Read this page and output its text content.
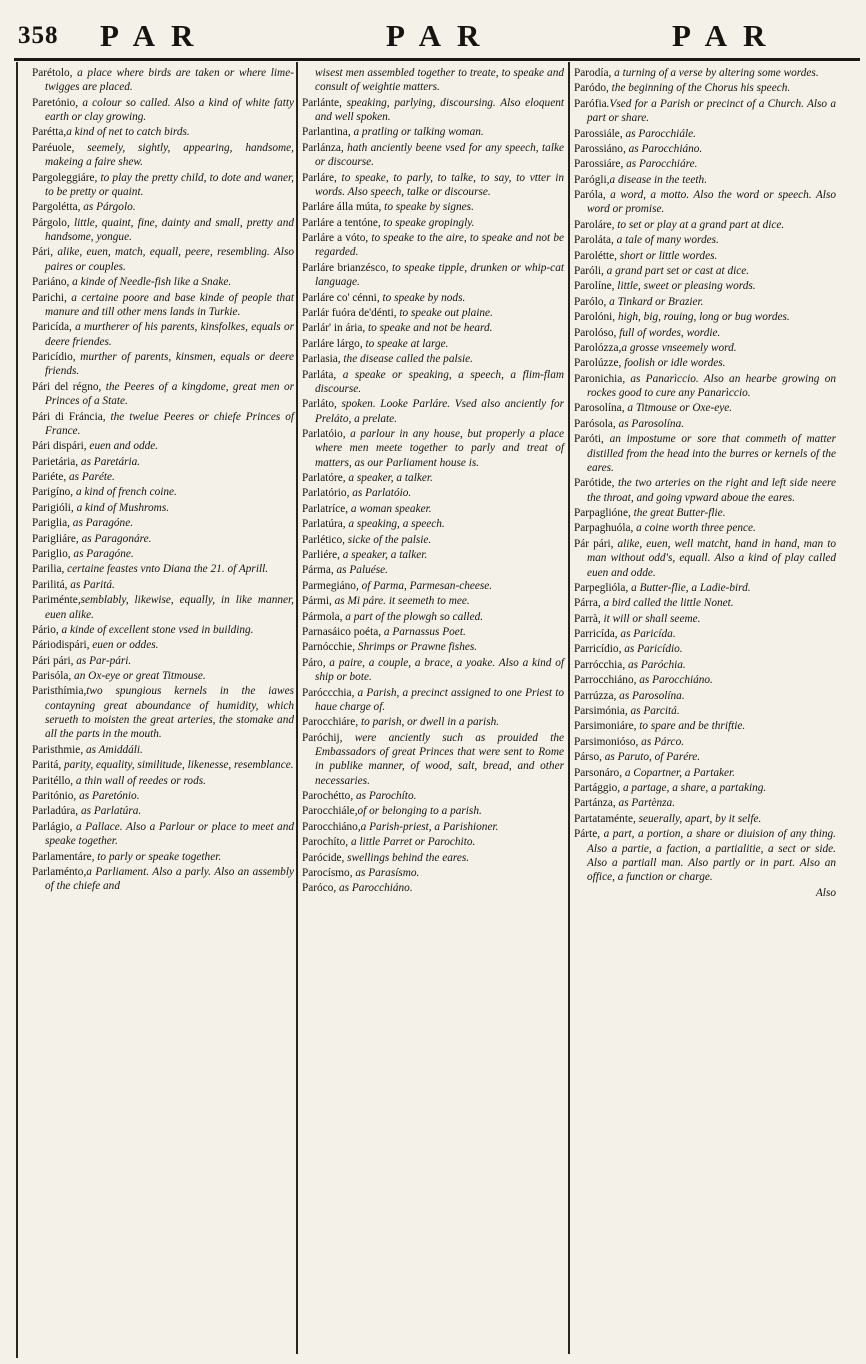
358 PAR	PAR	PAR
Parétolo, a place where birds are taken or where lime-twigges are placed.
Paretónio, a colour so called. Also a kind of white fatty earth or clay growing.
Parétta,a kind of net to catch birds.
Paréuole, seemely, sightly, appearing, handsome, makeing a faire shew.
Pargoleggiáre, to play the pretty child, to dote and waner, to be pretty or quaint.
Pargolétta, as Párgolo.
Párgolo, little, quaint, fine, dainty and small, pretty and handsome, yongue.
Pári, alike, euen, match, equall, peere, resembling. Also paires or couples.
Pariáno, a kinde of Needle-fish like a Snake.
Parichi, a certaine poore and base kinde of people that manure and till other mens lands in Turkie.
Paricída, a murtherer of his parents, kinsfolkes, equals or deere friendes.
Paricídio, murther of parents, kinsmen, equals or deere friends.
Pári del régno, the Peeres of a kingdome, great men or Princes of a State.
Pári di Fráncia, the twelue Peeres or chiefe Princes of France.
Pári dispári, euen and odde.
Parietária, as Paretária.
Pariéte, as Paréte.
Parigíno, a kind of french coine.
Parigióli, a kind of Mushroms.
Pariglia, as Paragóne.
Parigliáre, as Paragonáre.
Pariglio, as Paragóne.
Parilia, certaine feastes vnto Diana the 21. of Aprill.
Parilitá, as Paritá.
Pariménte,semblably, likewise, equally, in like manner, euen alike.
Pário, a kinde of excellent stone vsed in building.
Páriodispári, euen or oddes.
Pári pári, as Par-pári.
Parisóla, an Ox-eye or great Titmouse.
Paristhímia,two spungious kernels in the iawes contayning great aboundance of humidity, which serueth to moisten the great arteries, the stomake and all the parts in the mouth.
Paristhmie, as Amiddáli.
Paritá, parity, equality, similitude, likenesse, resemblance.
Paritéllo, a thin wall of reedes or rods.
Paritónio, as Paretónio.
Parladúra, as Parlatúra.
Parlágio, a Pallace. Also a Parlour or place to meet and speake together.
Parlamentáre, to parly or speake together.
Parlaménto,a Parliament. Also a parly. Also an assembly of the chiefe and
wisest men assembled together to treate, to speake and consult of weightie matters.
Parlánte, speaking, parlying, discoursing. Also eloquent and well spoken.
Parlantina, a pratling or talking woman.
Parlánza, hath anciently beene vsed for any speech, talke or discourse.
Parláre, to speake, to parly, to talke, to say, to vtter in words. Also speech, talke or discourse.
Parláre álla múta, to speake by signes.
Parláre a tentóne, to speake gropingly.
Parláre a vóto, to speake to the aire, to speake and not be regarded.
Parláre brianzésco, to speake tipple, drunken or whip-cat language.
Parláre co' cénni, to speake by nods.
Parlár fuóra de'dénti, to speake out plaine.
Parlár' in ária, to speake and not be heard.
Parláre lárgo, to speake at large.
Parlasia, the disease called the palsie.
Parláta, a speake or speaking, a speech, a flim-flam discourse.
Parláto, spoken. Looke Parláre. Vsed also anciently for Preláto, a prelate.
Parlatóio, a parlour in any house, but properly a place where men meete together to parly and treat of matters, as our Parliament house is.
Parlatóre, a speaker, a talker.
Parlatório, as Parlatóio.
Parlatríce, a woman speaker.
Parlatúra, a speaking, a speech.
Parlético, sicke of the palsie.
Parliére, a speaker, a talker.
Párma, as Paluése.
Parmegiáno, of Parma, Parmesan-cheese.
Pármi, as Mi páre. it seemeth to mee.
Pármola, a part of the plowgh so called.
Parnasáico poéta, a Parnassus Poet.
Parnócchie, Shrimps or Prawne fishes.
Páro, a paire, a couple, a brace, a yoake. Also a kind of ship or bote.
Paróccchia, a Parish, a precinct assigned to one Priest to haue charge of.
Parocchiáre, to parish, or dwell in a parish.
Paróchij, were anciently such as prouided the Embassadors of great Princes that were sent to Rome in publike manner, of wood, salt, bread, and other necessaries.
Parochétto, as Parochíto.
Parocchiále,of or belonging to a parish.
Parocchiáno,a Parish-priest, a Parishioner.
Parochíto, a little Parret or Parochito.
Parócide, swellings behind the eares.
Parocísmo, as Parasísmo.
Paróco, as Parocchiáno.
Parodía, a turning of a verse by altering some wordes.
Paródo, the beginning of the Chorus his speech.
Parófia.Vsed for a Parish or precinct of a Church. Also a part or share.
Parossiále, as Parocchiále.
Parossiáno, as Parocchiáno.
Parossiáre, as Parocchiáre.
Parógli,a disease in the teeth.
Paróla, a word, a motto. Also the word or speech. Also word or promise.
Paroláre, to set or play at a grand part at dice.
Paroláta, a tale of many wordes.
Parolétte, short or little wordes.
Paróli, a grand part set or cast at dice.
Parolíne, little, sweet or pleasing words.
Parólo, a Tinkard or Brazier.
Parolóni, high, big, rouing, long or bug wordes.
Parolóso, full of wordes, wordie.
Parolózza,a grosse vnseemely word.
Parolúzze, foolish or idle wordes.
Paronichia, as Panarìccio. Also an hearbe growing on rockes good to cure any Panarìccio.
Parosolína, a Titmouse or Oxe-eye.
Parósola, as Parosolína.
Paróti, an impostume or sore that commeth of matter distilled from the head into the burres or kernels of the eares.
Parótide, the two arteries on the right and left side neere the throat, and going vpward aboue the eares.
Parpaglióne, the great Butter-flie.
Parpaghuóla, a coine worth three pence.
Pár pári, alike, euen, well matcht, hand in hand, man to man without odd's, equall. Also a kind of play called euen and odde.
Parpeglióla, a Butter-flie, a Ladie-bird.
Párra, a bird called the little Nonet.
Parrà, it will or shall seeme.
Parricída, as Paricída.
Parricídio, as Paricídio.
Parrócchia, as Paróchia.
Parrocchiáno, as Parocchiáno.
Parrúzza, as Parosolína.
Parsimónia, as Parcitá.
Parsimoniáre, to spare and be thriftie.
Parsimonióso, as Párco.
Párso, as Paruto, of Parére.
Parsonáro, a Copartner, a Partaker.
Partággio, a partage, a share, a partaking.
Partánza, as Partènza.
Partataménte, seuerally, apart, by it selfe.
Párte, a part, a portion, a share or diuision of any thing. Also a partie, a faction, a partialitie, a sect or side. Also a partiall man. Also partly or in part. Also an office, a function or charge.
Also
